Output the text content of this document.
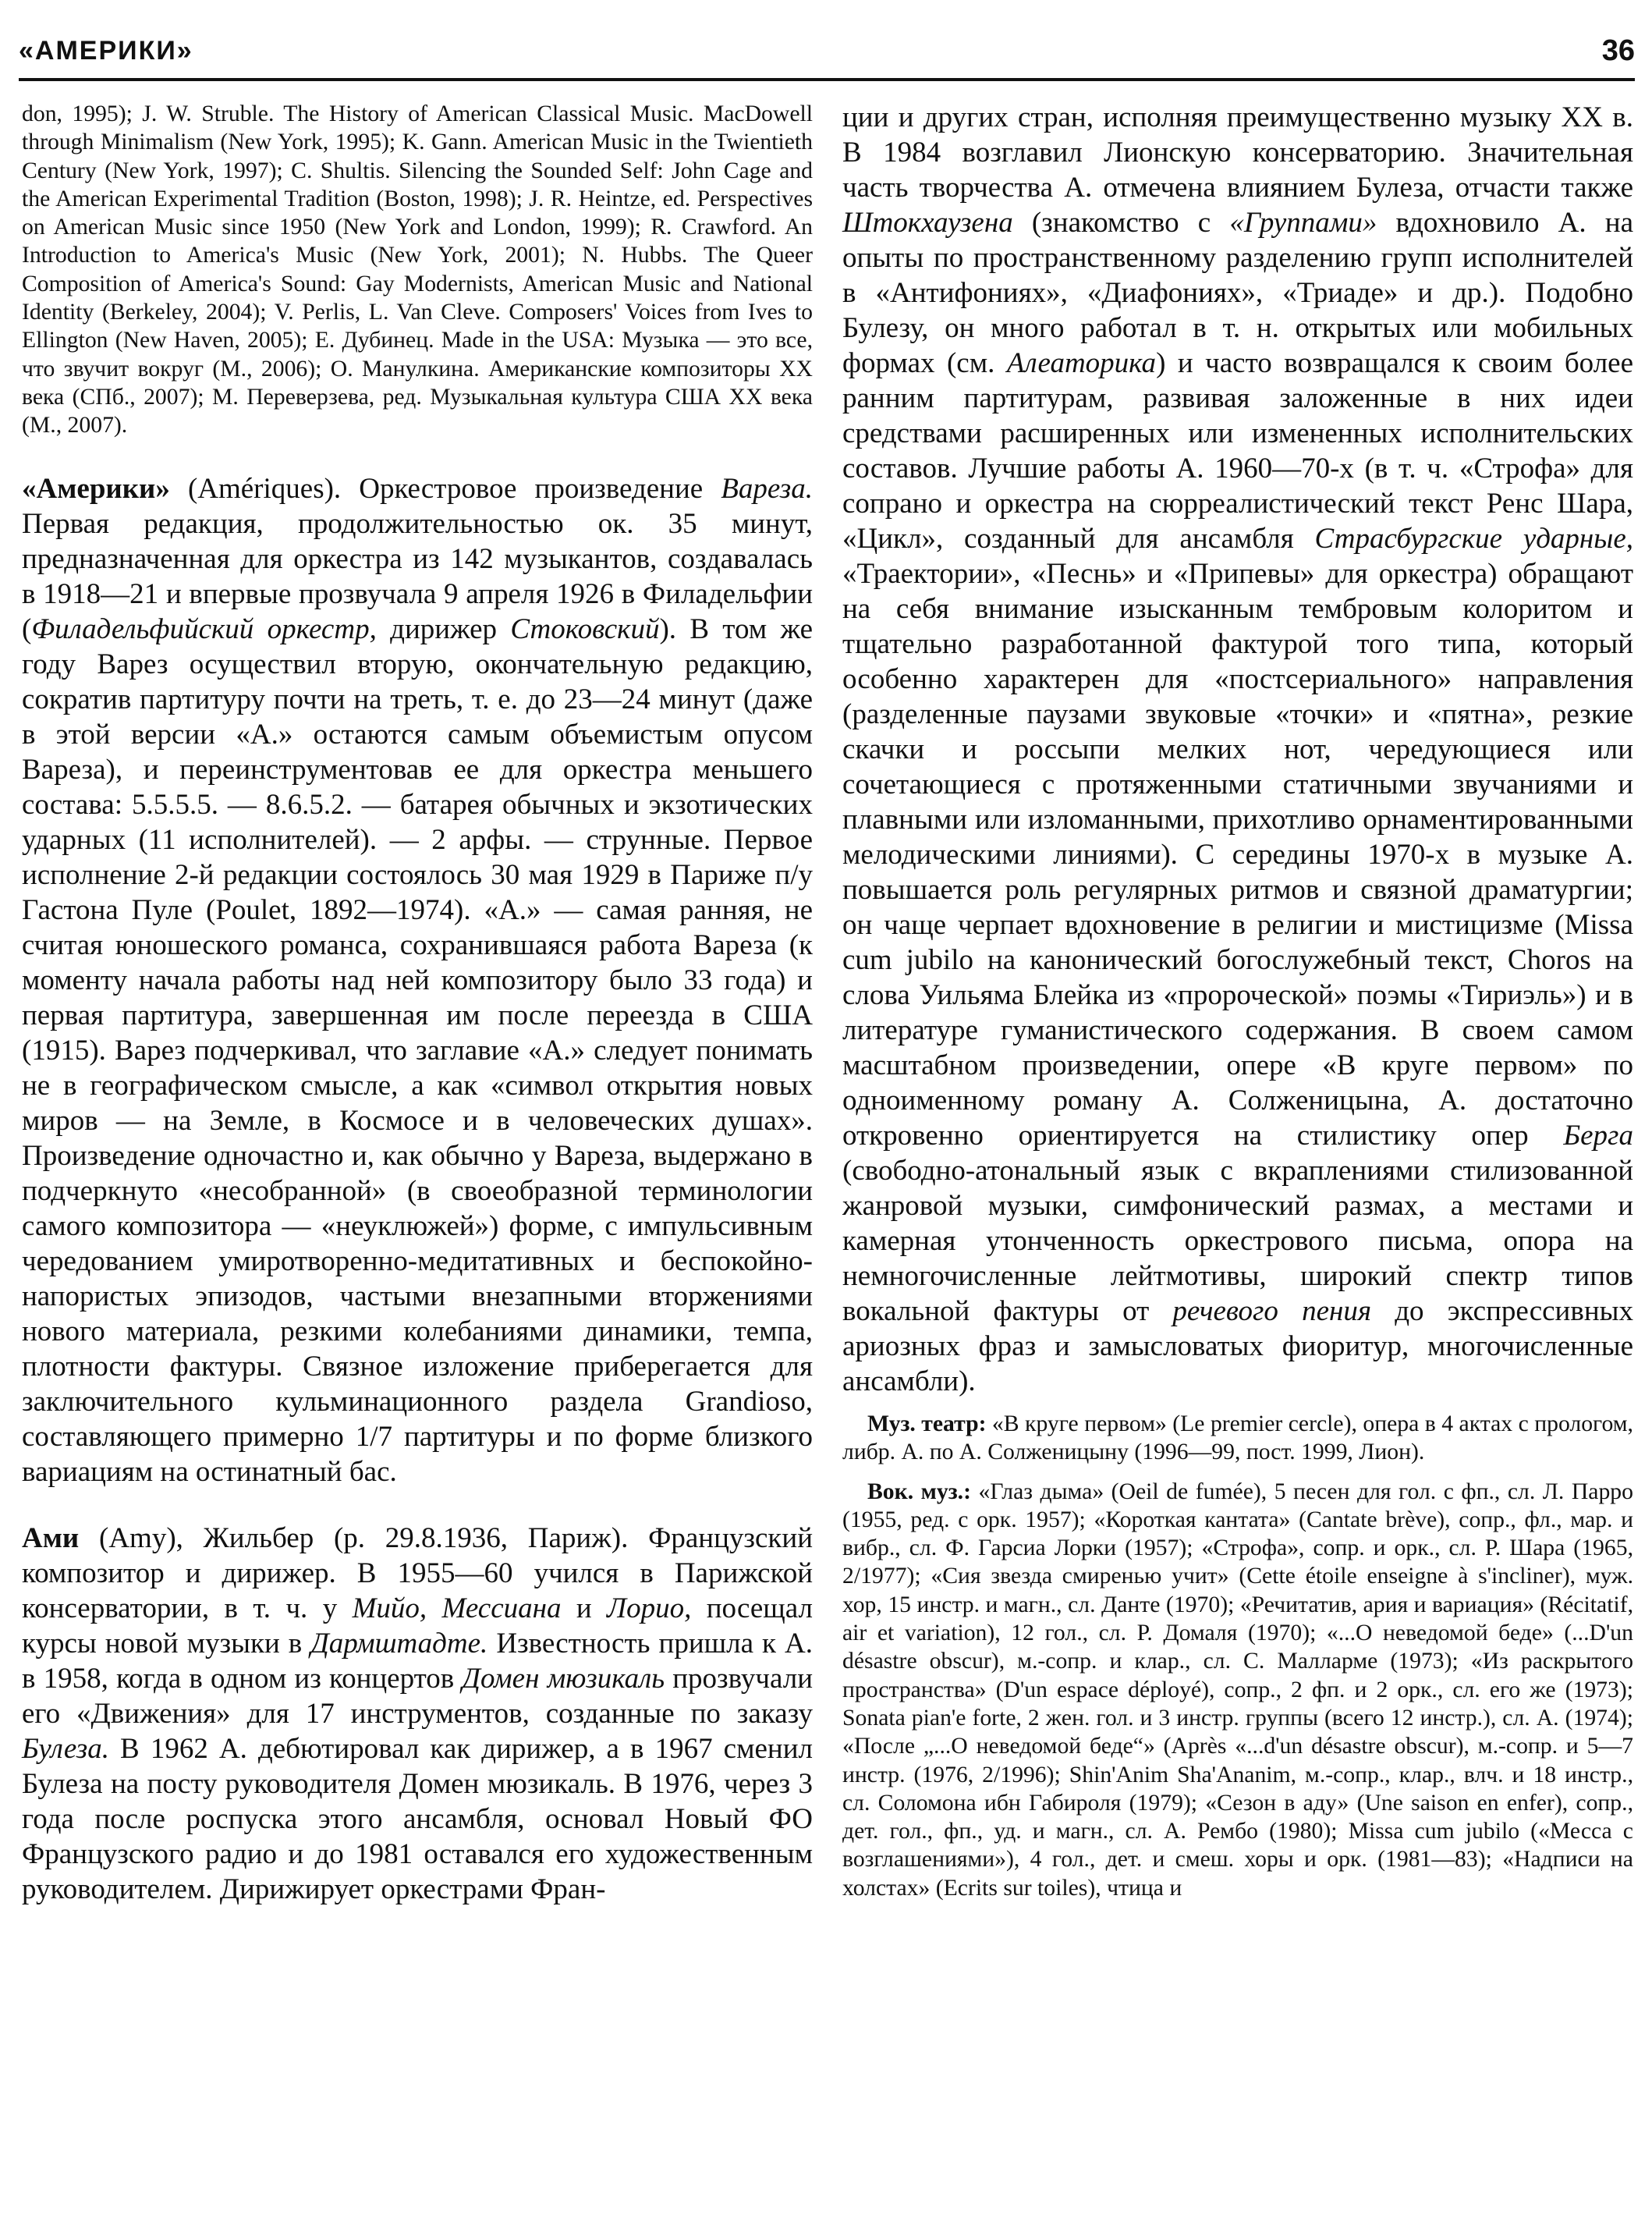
«АМЕРИКИ»	36

don, 1995); J. W. Struble. The History of American Classical Music. MacDowell through Minimalism (New York, 1995); K. Gann. American Music in the Twientieth Century (New York, 1997); C. Shultis. Silencing the Sounded Self: John Cage and the American Experimental Tradition (Boston, 1998); J. R. Heintze, ed. Perspectives on American Music since 1950 (New York and London, 1999); R. Crawford. An Introduction to America's Music (New York, 2001); N. Hubbs. The Queer Composition of America's Sound: Gay Modernists, American Music and National Identity (Berkeley, 2004); V. Perlis, L. Van Cleve. Composers' Voices from Ives to Ellington (New Haven, 2005); Е. Дубинец. Made in the USA: Музыка — это все, что звучит вокруг (М., 2006); О. Манулкина. Американские композиторы XX века (СПб., 2007); М. Переверзева, ред. Музыкальная культура США XX века (М., 2007).

«Америки» (Amériques). Оркестровое произведение Вареза. Первая редакция, продолжительностью ок. 35 минут, предназначенная для оркестра из 142 музыкантов, создавалась в 1918—21 и впервые прозвучала 9 апреля 1926 в Филадельфии (Филадельфийский оркестр, дирижер Стоковский). В том же году Варез осуществил вторую, окончательную редакцию, сократив партитуру почти на треть, т. е. до 23—24 минут (даже в этой версии «А.» остаются самым объемистым опусом Вареза), и переинструментовав ее для оркестра меньшего состава: 5.5.5.5. — 8.6.5.2. — батарея обычных и экзотических ударных (11 исполнителей). — 2 арфы. — струнные. Первое исполнение 2-й редакции состоялось 30 мая 1929 в Париже п/у Гастона Пуле (Poulet, 1892—1974). «А.» — самая ранняя, не считая юношеского романса, сохранившаяся работа Вареза (к моменту начала работы над ней композитору было 33 года) и первая партитура, завершенная им после переезда в США (1915). Варез подчеркивал, что заглавие «А.» следует понимать не в географическом смысле, а как «символ открытия новых миров — на Земле, в Космосе и в человеческих душах». Произведение одночастно и, как обычно у Вареза, выдержано в подчеркнуто «несобранной» (в своеобразной терминологии самого композитора — «неуклюжей») форме, с импульсивным чередованием умиротворенно-медитативных и беспокойно-напористых эпизодов, частыми внезапными вторжениями нового материала, резкими колебаниями динамики, темпа, плотности фактуры. Связное изложение приберегается для заключительного кульминационного раздела Grandioso, составляющего примерно 1/7 партитуры и по форме близкого вариациям на остинатный бас.

Ами (Amy), Жильбер (р. 29.8.1936, Париж). Французский композитор и дирижер. В 1955—60 учился в Парижской консерватории, в т. ч. у Мийо, Мессиана и Лорио, посещал курсы новой музыки в Дармштадте. Известность пришла к А. в 1958, когда в одном из концертов Домен мюзикаль прозвучали его «Движения» для 17 инструментов, созданные по заказу Булеза. В 1962 А. дебютировал как дирижер, а в 1967 сменил Булеза на посту руководителя Домен мюзикаль. В 1976, через 3 года после роспуска этого ансамбля, основал Новый ФО Французского радио и до 1981 оставался его художественным руководителем. Дирижирует оркестрами Фран-

ции и других стран, исполняя преимущественно музыку XX в. В 1984 возглавил Лионскую консерваторию. Значительная часть творчества А. отмечена влиянием Булеза, отчасти также Штокхаузена (знакомство с «Группами» вдохновило А. на опыты по пространственному разделению групп исполнителей в «Антифониях», «Диафониях», «Триаде» и др.). Подобно Булезу, он много работал в т. н. открытых или мобильных формах (см. Алеаторика) и часто возвращался к своим более ранним партитурам, развивая заложенные в них идеи средствами расширенных или измененных исполнительских составов. Лучшие работы А. 1960—70-х (в т. ч. «Строфа» для сопрано и оркестра на сюрреалистический текст Ренс Шара, «Цикл», созданный для ансамбля Страсбургские ударные, «Траектории», «Песнь» и «Припевы» для оркестра) обращают на себя внимание изысканным тембровым колоритом и тщательно разработанной фактурой того типа, который особенно характерен для «постсериального» направления (разделенные паузами звуковые «точки» и «пятна», резкие скачки и россыпи мелких нот, чередующиеся или сочетающиеся с протяженными статичными звучаниями и плавными или изломанными, прихотливо орнаментированными мелодическими линиями). С середины 1970-х в музыке А. повышается роль регулярных ритмов и связной драматургии; он чаще черпает вдохновение в религии и мистицизме (Missa cum jubilo на канонический богослужебный текст, Choros на слова Уильяма Блейка из «пророческой» поэмы «Тириэль») и в литературе гуманистического содержания. В своем самом масштабном произведении, опере «В круге первом» по одноименному роману А. Солженицына, А. достаточно откровенно ориентируется на стилистику опер Берга (свободно-атональный язык с вкраплениями стилизованной жанровой музыки, симфонический размах, а местами и камерная утонченность оркестрового письма, опора на немногочисленные лейтмотивы, широкий спектр типов вокальной фактуры от речевого пения до экспрессивных ариозных фраз и замысловатых фиоритур, многочисленные ансамбли).

Муз. театр: «В круге первом» (Le premier cercle), опера в 4 актах с прологом, либр. А. по А. Солженицыну (1996—99, пост. 1999, Лион).

Вок. муз.: «Глаз дыма» (Oeil de fumée), 5 песен для гол. с фп., сл. Л. Парро (1955, ред. с орк. 1957); «Короткая кантата» (Cantate brève), сопр., фл., мар. и вибр., сл. Ф. Гарсиа Лорки (1957); «Строфа», сопр. и орк., сл. Р. Шара (1965, 2/1977); «Сия звезда смиренью учит» (Cette étoile enseigne à s'incliner), муж. хор, 15 инстр. и магн., сл. Данте (1970); «Речитатив, ария и вариация» (Récitatif, air et variation), 12 гол., сл. Р. Домаля (1970); «...О неведомой беде» (...D'un désastre obscur), м.-сопр. и клар., сл. С. Малларме (1973); «Из раскрытого пространства» (D'un espace déployé), сопр., 2 фп. и 2 орк., сл. его же (1973); Sonata pian'e forte, 2 жен. гол. и 3 инстр. группы (всего 12 инстр.), сл. А. (1974); «После „...О неведомой беде“» (Après «...d'un désastre obscur), м.-сопр. и 5—7 инстр. (1976, 2/1996); Shin'Anim Sha'Ananim, м.-сопр., клар., влч. и 18 инстр., сл. Соломона ибн Габироля (1979); «Сезон в аду» (Une saison en enfer), сопр., дет. гол., фп., уд. и магн., сл. А. Рембо (1980); Missa cum jubilo («Месса с возглашениями»), 4 гол., дет. и смеш. хоры и орк. (1981—83); «Надписи на холстах» (Ecrits sur toiles), чтица и
